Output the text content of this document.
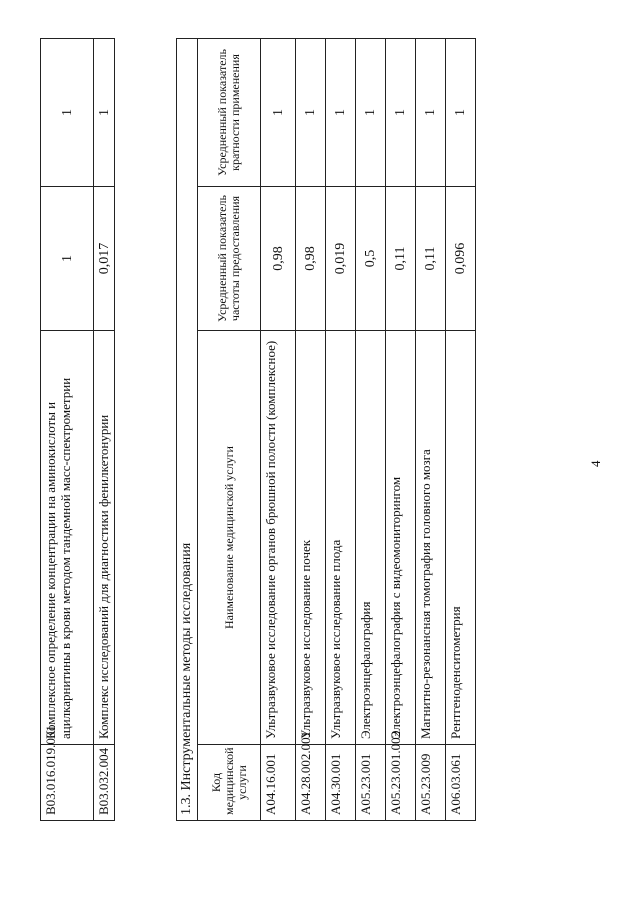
4
B03.016.019.001	Комплексное определение концентрации на аминокислоты и ацилкарнитины в крови методом тандемной масс-спектрометрии	1	1
B03.032.004	Комплекс исследований для диагностики фенилкетонурии	0,017	1
1.3. Инструментальные методы исследования			
Код медицинской услуги	Наименование медицинской услуги	Усредненный показатель частоты предоставления	Усредненный показатель кратности применения
A04.16.001	Ультразвуковое исследование органов брюшной полости (комплексное)	0,98	1
A04.28.002.001	Ультразвуковое исследование почек	0,98	1
A04.30.001	Ультразвуковое исследование плода	0,019	1
A05.23.001	Электроэнцефалография	0,5	1
A05.23.001.002	Электроэнцефалография с видеомониторингом	0,11	1
A05.23.009	Магнитно-резонансная томография головного мозга	0,11	1
A06.03.061	Рентгеноденситометрия	0,096	1
